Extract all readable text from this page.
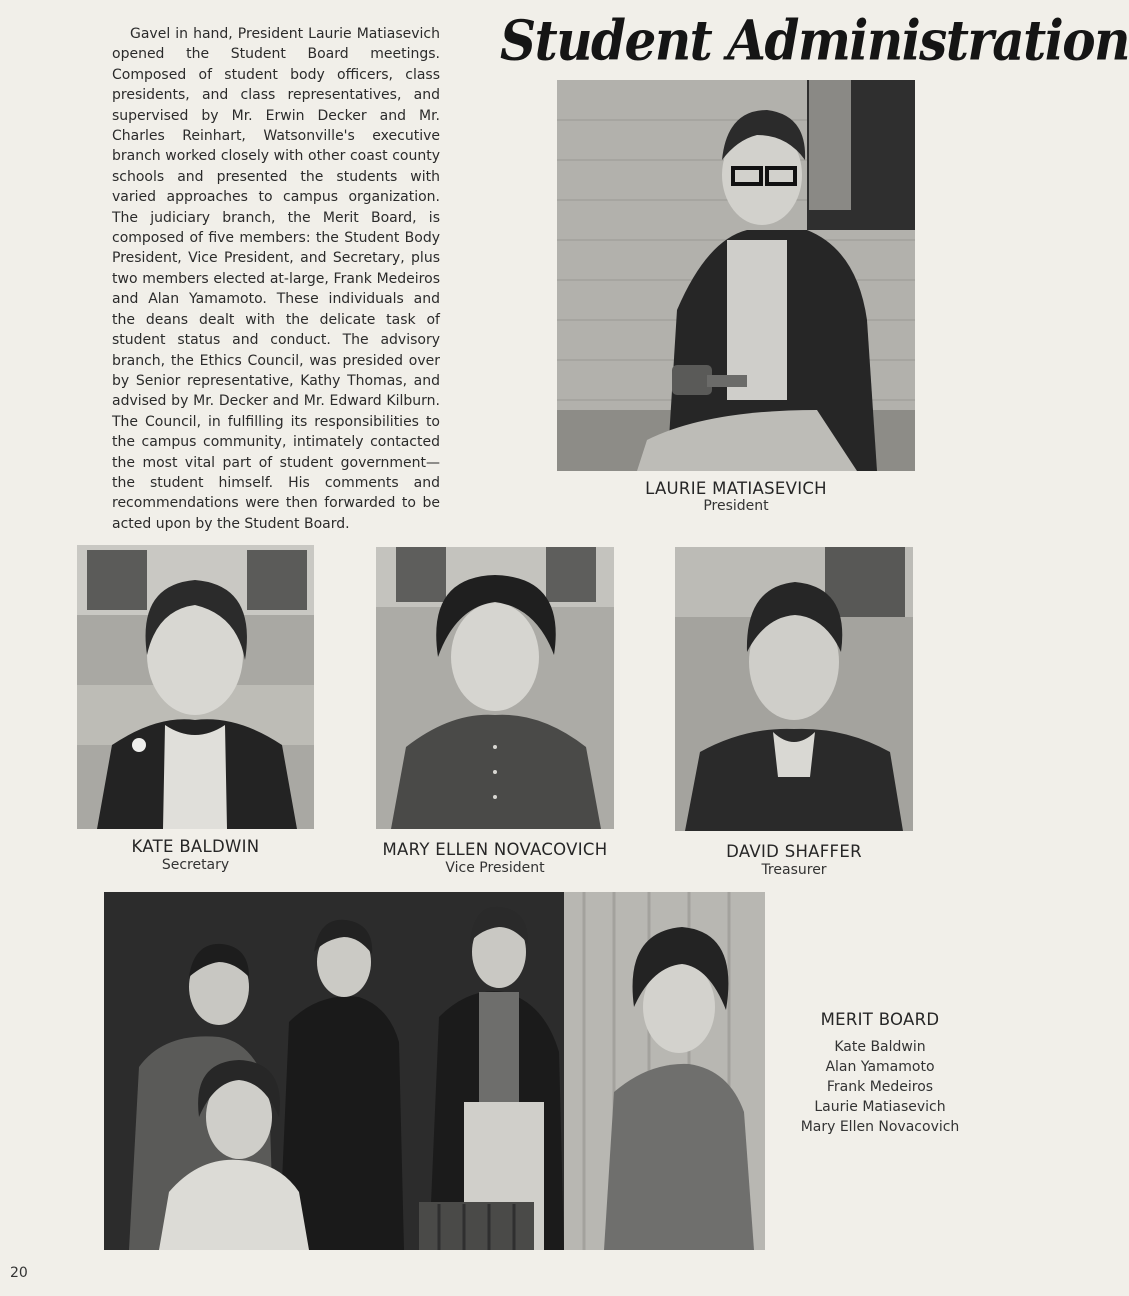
Gavel in hand, President Laurie Matiasevich opened the Student Board meetings. Composed of student body officers, class presidents, and class representatives, and supervised by Mr. Erwin Decker and Mr. Charles Reinhart, Watsonville's executive branch worked closely with other coast county schools and presented the students with varied approaches to campus organization. The judiciary branch, the Merit Board, is composed of five members: the Student Body President, Vice President, and Secretary, plus two members elected at-large, Frank Medeiros and Alan Yamamoto. These individuals and the deans dealt with the delicate task of student status and conduct. The advisory branch, the Ethics Council, was presided over by Senior representative, Kathy Thomas, and advised by Mr. Decker and Mr. Edward Kilburn. The Council, in fulfilling its responsibilities to the campus community, intimately contacted the most vital part of student government—the student himself. His comments and recommendations were then forwarded to be acted upon by the Student Board.

Student Administration
LAURIE MATIASEVICH
President
KATE BALDWIN
Secretary
MARY ELLEN NOVACOVICH
Vice President
DAVID SHAFFER
Treasurer
MERIT BOARD
Kate Baldwin
Alan Yamamoto
Frank Medeiros
Laurie Matiasevich
Mary Ellen Novacovich
20
